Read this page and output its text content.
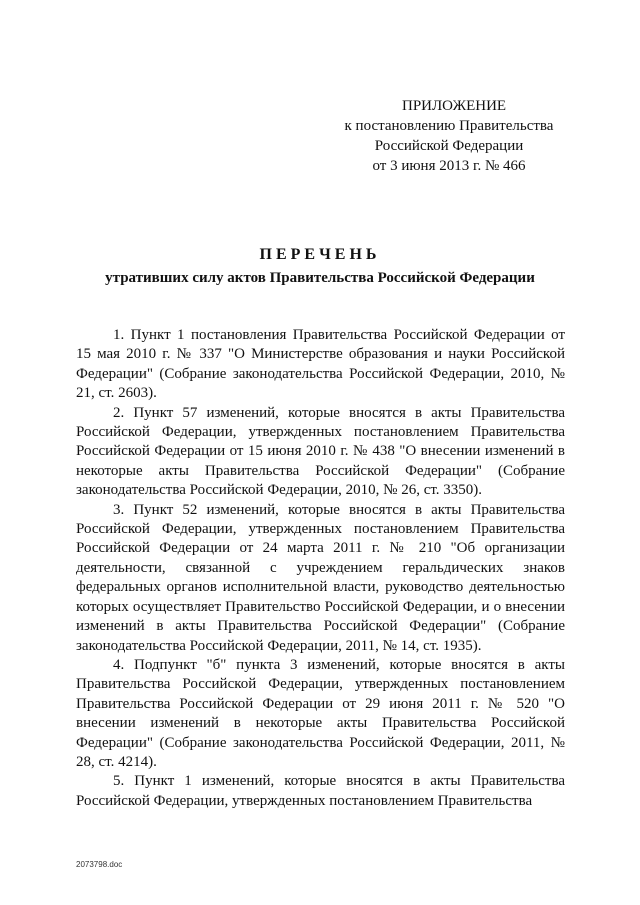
ПРИЛОЖЕНИЕ
к постановлению Правительства
Российской Федерации
от 3 июня 2013 г. № 466
ПЕРЕЧЕНЬ
утративших силу актов Правительства Российской Федерации

1. Пункт 1 постановления Правительства Российской Федерации от 15 мая 2010 г. № 337 "О Министерстве образования и науки Российской Федерации" (Собрание законодательства Российской Федерации, 2010, № 21, ст. 2603).

2. Пункт 57 изменений, которые вносятся в акты Правительства Российской Федерации, утвержденных постановлением Правительства Российской Федерации от 15 июня 2010 г. № 438 "О внесении изменений в некоторые акты Правительства Российской Федерации" (Собрание законодательства Российской Федерации, 2010, № 26, ст. 3350).

3. Пункт 52 изменений, которые вносятся в акты Правительства Российской Федерации, утвержденных постановлением Правительства Российской Федерации от 24 марта 2011 г. № 210 "Об организации деятельности, связанной с учреждением геральдических знаков федеральных органов исполнительной власти, руководство деятельностью которых осуществляет Правительство Российской Федерации, и о внесении изменений в акты Правительства Российской Федерации" (Собрание законодательства Российской Федерации, 2011, № 14, ст. 1935).

4. Подпункт "б" пункта 3 изменений, которые вносятся в акты Правительства Российской Федерации, утвержденных постановлением Правительства Российской Федерации от 29 июня 2011 г. № 520 "О внесении изменений в некоторые акты Правительства Российской Федерации" (Собрание законодательства Российской Федерации, 2011, № 28, ст. 4214).

5. Пункт 1 изменений, которые вносятся в акты Правительства Российской Федерации, утвержденных постановлением Правительства

2073798.doc
